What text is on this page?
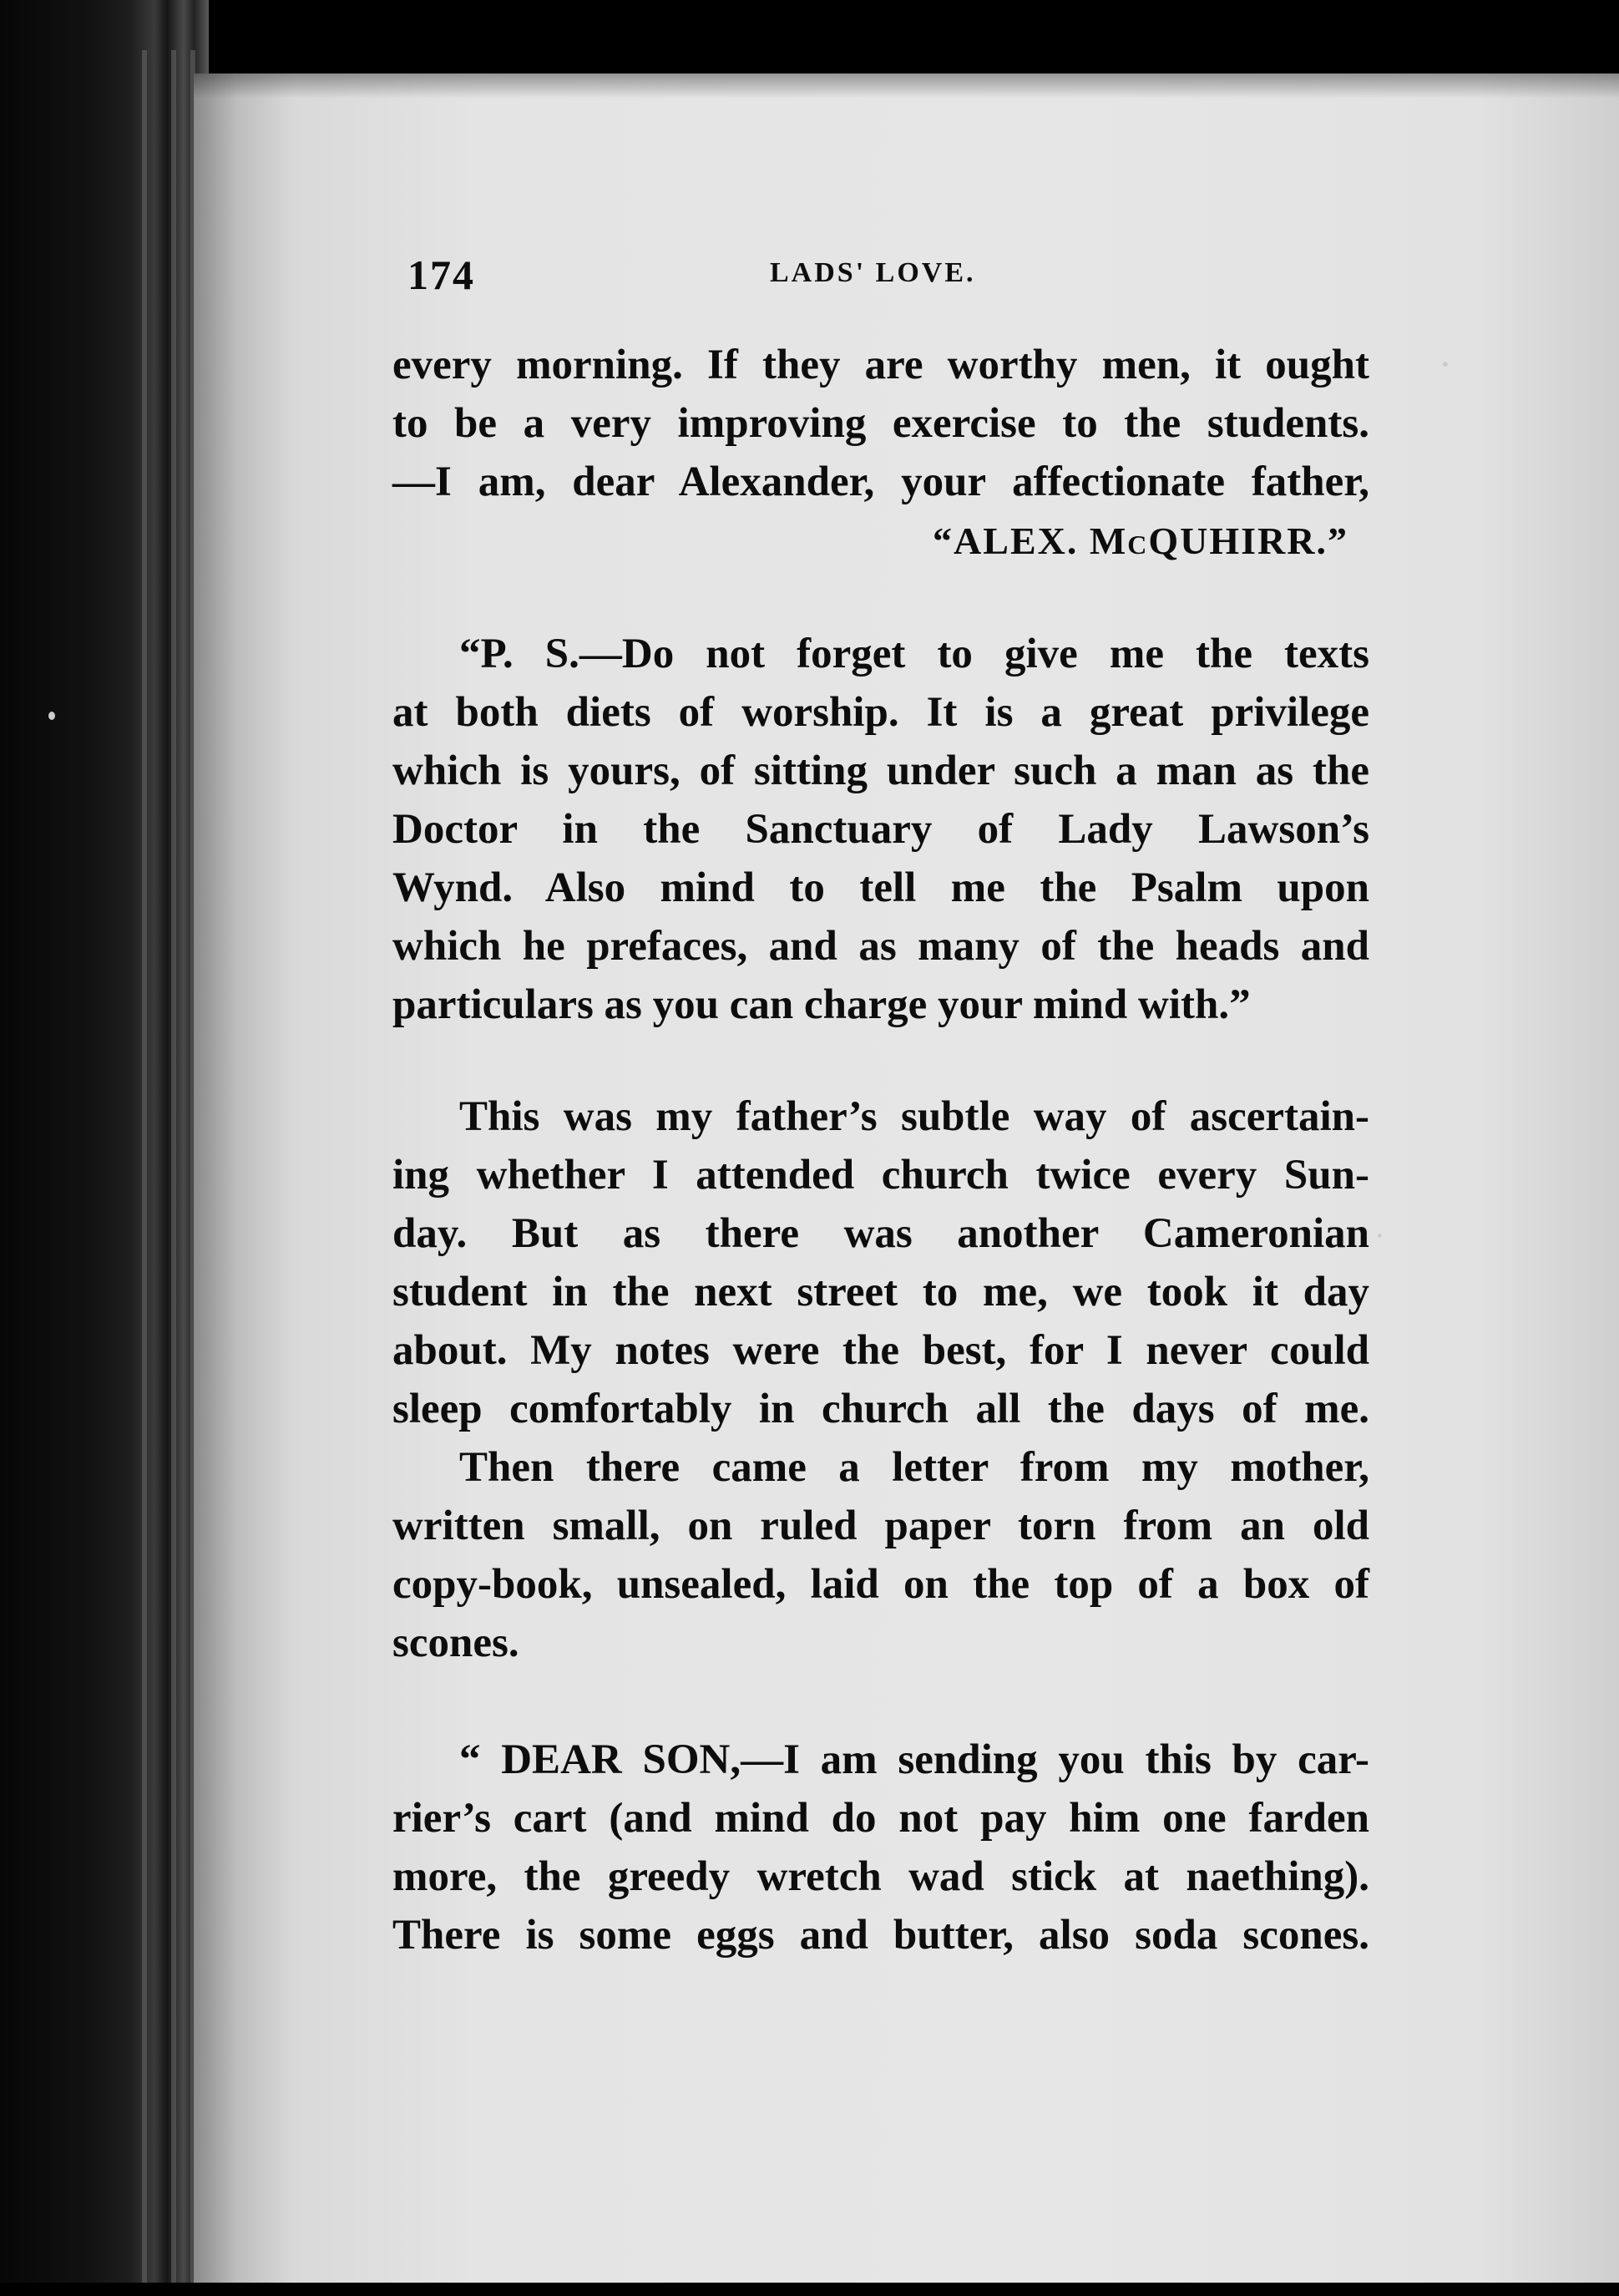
174	LADS' LOVE.
every morning. If they are worthy men, it ought
to be a very improving exercise to the students.
—I am, dear Alexander, your affectionate father,
“ALEX. McQUHIRR.”
“P. S.—Do not forget to give me the texts
at both diets of worship. It is a great privilege
which is yours, of sitting under such a man as the
Doctor in the Sanctuary of Lady Lawson’s
Wynd. Also mind to tell me the Psalm upon
which he prefaces, and as many of the heads and
particulars as you can charge your mind with.”
This was my father’s subtle way of ascertain-
ing whether I attended church twice every Sun-
day. But as there was another Cameronian
student in the next street to me, we took it day
about. My notes were the best, for I never could
sleep comfortably in church all the days of me.
Then there came a letter from my mother,
written small, on ruled paper torn from an old
copy-book, unsealed, laid on the top of a box of
scones.
“ DEAR SON,—I am sending you this by car-
rier’s cart (and mind do not pay him one farden
more, the greedy wretch wad stick at naething).
There is some eggs and butter, also soda scones.
